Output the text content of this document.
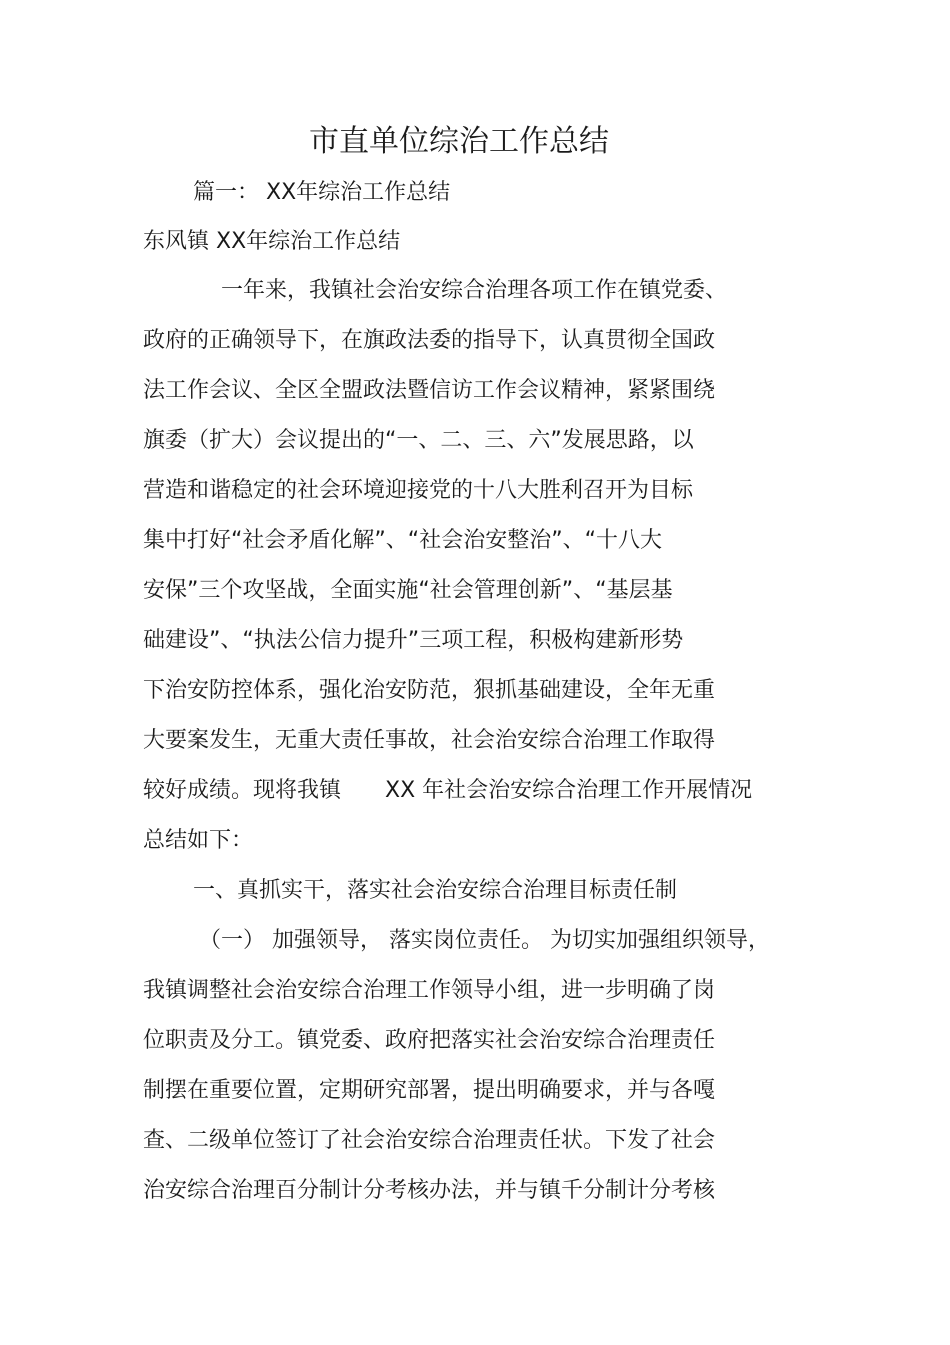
市直单位综治工作总结
篇一： XX年综治工作总结
东风镇 XX年综治工作总结
一年来，我镇社会治安综合治理各项工作在镇党委、
政府的正确领导下，在旗政法委的指导下，认真贯彻全国政
法工作会议、全区全盟政法暨信访工作会议精神，紧紧围绕
旗委（扩大）会议提出的“一、二、三、六”发展思路，以
营造和谐稳定的社会环境迎接党的十八大胜利召开为目标
集中打好“社会矛盾化解”、“社会治安整治”、“十八大
安保”三个攻坚战，全面实施“社会管理创新”、“基层基
础建设”、“执法公信力提升”三项工程，积极构建新形势
下治安防控体系，强化治安防范，狠抓基础建设，全年无重
大要案发生，无重大责任事故，社会治安综合治理工作取得
较好成绩。现将我镇　　XX 年社会治安综合治理工作开展情况
总结如下：
一、真抓实干，落实社会治安综合治理目标责任制
（一） 加强领导， 落实岗位责任。 为切实加强组织领导，
我镇调整社会治安综合治理工作领导小组，进一步明确了岗
位职责及分工。镇党委、政府把落实社会治安综合治理责任
制摆在重要位置，定期研究部署，提出明确要求，并与各嘎
查、二级单位签订了社会治安综合治理责任状。下发了社会
治安综合治理百分制计分考核办法，并与镇千分制计分考核
